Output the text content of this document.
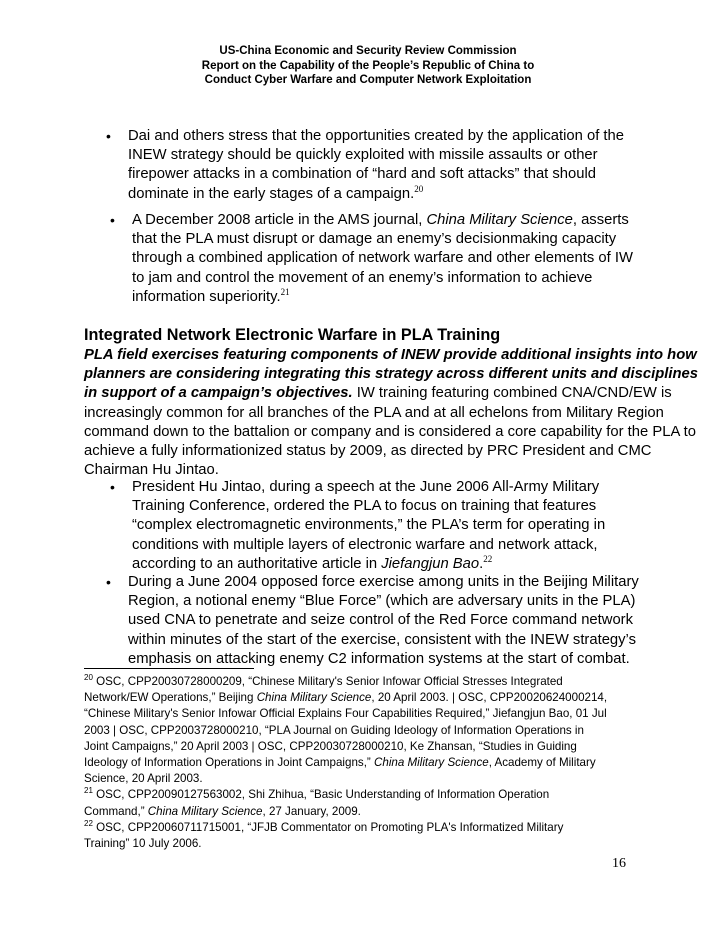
US-China Economic and Security Review Commission
Report on the Capability of the People’s Republic of China to
Conduct Cyber Warfare and Computer Network Exploitation
• Dai and others stress that the opportunities created by the application of the
INEW strategy should be quickly exploited with missile assaults or other
firepower attacks in a combination of “hard and soft attacks” that should
dominate in the early stages of a campaign.$^{20}$
• A December 2008 article in the AMS journal, China Military Science, asserts
that the PLA must disrupt or damage an enemy’s decisionmaking capacity
through a combined application of network warfare and other elements of IW
to jam and control the movement of an enemy’s information to achieve
information superiority.$^{21}$
Integrated Network Electronic Warfare in PLA Training
PLA field exercises featuring components of INEW provide additional insights into how planners are considering integrating this strategy across different units and disciplines in support of a campaign’s objectives. IW training featuring combined CNA/CND/EW is increasingly common for all branches of the PLA and at all echelons from Military Region command down to the battalion or company and is considered a core capability for the PLA to achieve a fully informationized status by 2009, as directed by PRC President and CMC Chairman Hu Jintao.
• President Hu Jintao, during a speech at the June 2006 All-Army Military
Training Conference, ordered the PLA to focus on training that features
“complex electromagnetic environments,” the PLA’s term for operating in
conditions with multiple layers of electronic warfare and network attack,
according to an authoritative article in Jiefangjun Bao.$^{22}$
• During a June 2004 opposed force exercise among units in the Beijing Military
Region, a notional enemy “Blue Force” (which are adversary units in the PLA)
used CNA to penetrate and seize control of the Red Force command network
within minutes of the start of the exercise, consistent with the INEW strategy’s
emphasis on attacking enemy C2 information systems at the start of combat.

$^{20}$ OSC, CPP20030728000209, “Chinese Military's Senior Infowar Official Stresses Integrated
Network/EW Operations,” Beijing China Military Science, 20 April 2003. | OSC, CPP20020624000214,
“Chinese Military's Senior Infowar Official Explains Four Capabilities Required,” Jiefangjun Bao, 01 Jul
2003 | OSC, CPP2003728000210, “PLA Journal on Guiding Ideology of Information Operations in
Joint Campaigns,” 20 April 2003 | OSC, CPP20030728000210, Ke Zhansan, “Studies in Guiding
Ideology of Information Operations in Joint Campaigns,” China Military Science, Academy of Military
Science, 20 April 2003.

$^{21}$ OSC, CPP20090127563002, Shi Zhihua, “Basic Understanding of Information Operation
Command,” China Military Science, 27 January, 2009.

$^{22}$ OSC, CPP20060711715001, “JFJB Commentator on Promoting PLA's Informatized Military
Training” 10 July 2006.

16
